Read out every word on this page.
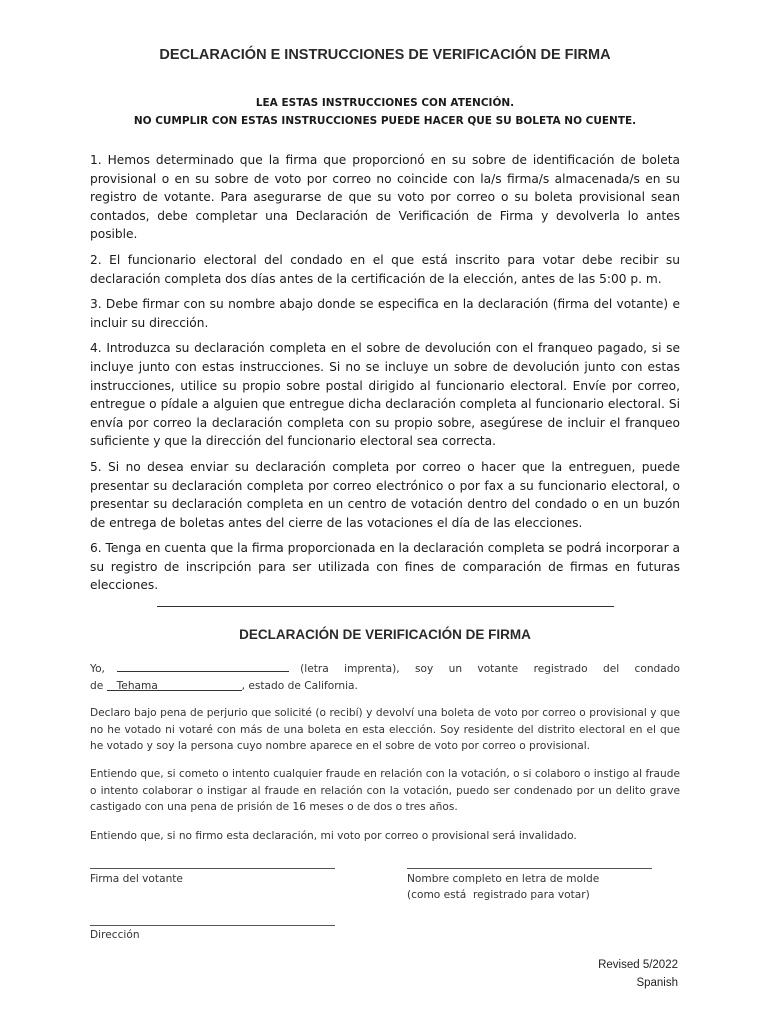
DECLARACIÓN E INSTRUCCIONES DE VERIFICACIÓN DE FIRMA
LEA ESTAS INSTRUCCIONES CON ATENCIÓN.
NO CUMPLIR CON ESTAS INSTRUCCIONES PUEDE HACER QUE SU BOLETA NO CUENTE.

1. Hemos determinado que la firma que proporcionó en su sobre de identificación de boleta provisional o en su sobre de voto por correo no coincide con la/s firma/s almacenada/s en su registro de votante. Para asegurarse de que su voto por correo o su boleta provisional sean contados, debe completar una Declaración de Verificación de Firma y devolverla lo antes posible.

2. El funcionario electoral del condado en el que está inscrito para votar debe recibir su declaración completa dos días antes de la certificación de la elección, antes de las 5:00 p. m.

3. Debe firmar con su nombre abajo donde se especifica en la declaración (firma del votante) e incluir su dirección.

4. Introduzca su declaración completa en el sobre de devolución con el franqueo pagado, si se incluye junto con estas instrucciones. Si no se incluye un sobre de devolución junto con estas instrucciones, utilice su propio sobre postal dirigido al funcionario electoral. Envíe por correo, entregue o pídale a alguien que entregue dicha declaración completa al funcionario electoral. Si envía por correo la declaración completa con su propio sobre, asegúrese de incluir el franqueo suficiente y que la dirección del funcionario electoral sea correcta.

5. Si no desea enviar su declaración completa por correo o hacer que la entreguen, puede presentar su declaración completa por correo electrónico o por fax a su funcionario electoral, o presentar su declaración completa en un centro de votación dentro del condado o en un buzón de entrega de boletas antes del cierre de las votaciones el día de las elecciones.

6. Tenga en cuenta que la firma proporcionada en la declaración completa se podrá incorporar a su registro de inscripción para ser utilizada con fines de comparación de firmas en futuras elecciones.

DECLARACIÓN DE VERIFICACIÓN DE FIRMA
Yo,	(letra imprenta), soy un votante registrado del condado
de Tehama	, estado de California.
Declaro bajo pena de perjurio que solicité (o recibí) y devolví una boleta de voto por correo o provisional y que no he votado ni votaré con más de una boleta en esta elección. Soy residente del distrito electoral en el que he votado y soy la persona cuyo nombre aparece en el sobre de voto por correo o provisional.
Entiendo que, si cometo o intento cualquier fraude en relación con la votación, o si colaboro o instigo al fraude o intento colaborar o instigar al fraude en relación con la votación, puedo ser condenado por un delito grave castigado con una pena de prisión de 16 meses o de dos o tres años.
Entiendo que, si no firmo esta declaración, mi voto por correo o provisional será invalidado.
Firma del votante	Nombre completo en letra de molde
(como está  registrado para votar)
Dirección
Revised 5/2022
Spanish
